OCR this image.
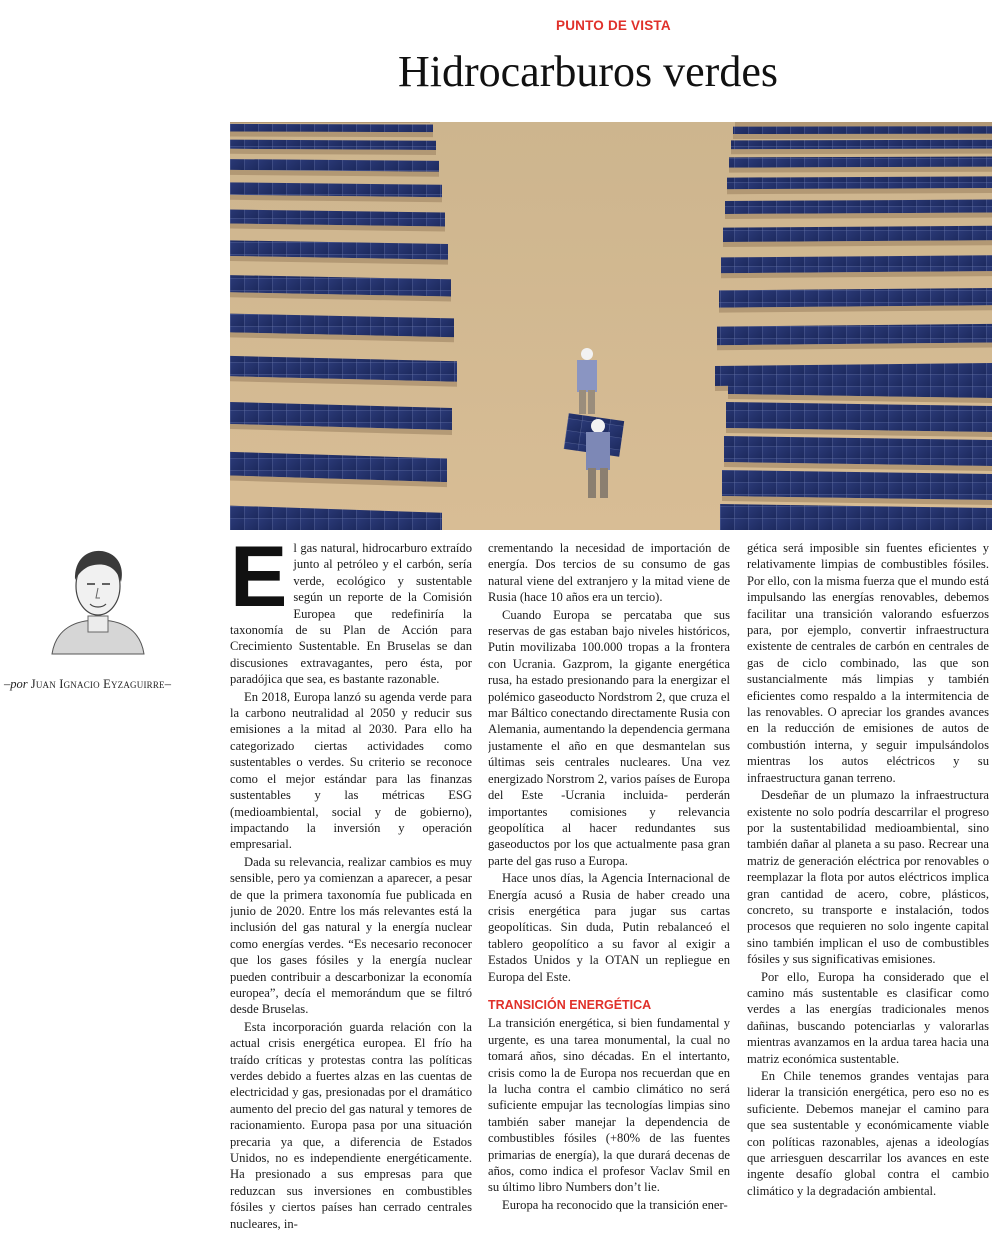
PUNTO DE VISTA
Hidrocarburos verdes
–por Juan Ignacio Eyzaguirre–

El gas natural, hidrocarburo extraído junto al petróleo y el carbón, sería verde, ecológico y sustentable según un reporte de la Comisión Europea que redefiniría la taxonomía de su Plan de Acción para Crecimiento Sustentable. En Bruselas se dan discusiones extravagantes, pero ésta, por paradójica que sea, es bastante razonable.

En 2018, Europa lanzó su agenda verde para la carbono neutralidad al 2050 y reducir sus emisiones a la mitad al 2030. Para ello ha categorizado ciertas actividades como sustentables o verdes. Su criterio se reconoce como el mejor estándar para las finanzas sustentables y las métricas ESG (medioambiental, social y de gobierno), impactando la inversión y operación empresarial.

Dada su relevancia, realizar cambios es muy sensible, pero ya comienzan a aparecer, a pesar de que la primera taxonomía fue publicada en junio de 2020. Entre los más relevantes está la inclusión del gas natural y la energía nuclear como energías verdes. “Es necesario reconocer que los gases fósiles y la energía nuclear pueden contribuir a descarbonizar la economía europea”, decía el memorándum que se filtró desde Bruselas.

Esta incorporación guarda relación con la actual crisis energética europea. El frío ha traído críticas y protestas contra las políticas verdes debido a fuertes alzas en las cuentas de electricidad y gas, presionadas por el dramático aumento del precio del gas natural y temores de racionamiento. Europa pasa por una situación precaria ya que, a diferencia de Estados Unidos, no es independiente energéticamente. Ha presionado a sus empresas para que reduzcan sus inversiones en combustibles fósiles y ciertos países han cerrado centrales nucleares, in-

crementando la necesidad de importación de energía. Dos tercios de su consumo de gas natural viene del extranjero y la mitad viene de Rusia (hace 10 años era un tercio).

Cuando Europa se percataba que sus reservas de gas estaban bajo niveles históricos, Putin movilizaba 100.000 tropas a la frontera con Ucrania. Gazprom, la gigante energética rusa, ha estado presionando para la energizar el polémico gaseoducto Nordstrom 2, que cruza el mar Báltico conectando directamente Rusia con Alemania, aumentando la dependencia germana justamente el año en que desmantelan sus últimas seis centrales nucleares. Una vez energizado Norstrom 2, varios países de Europa del Este -Ucrania incluida- perderán importantes comisiones y relevancia geopolítica al hacer redundantes sus gaseoductos por los que actualmente pasa gran parte del gas ruso a Europa.

Hace unos días, la Agencia Internacional de Energía acusó a Rusia de haber creado una crisis energética para jugar sus cartas geopolíticas. Sin duda, Putin rebalanceó el tablero geopolítico a su favor al exigir a Estados Unidos y la OTAN un repliegue en Europa del Este.

TRANSICIÓN ENERGÉTICA

La transición energética, si bien fundamental y urgente, es una tarea monumental, la cual no tomará años, sino décadas. En el intertanto, crisis como la de Europa nos recuerdan que en la lucha contra el cambio climático no será suficiente empujar las tecnologías limpias sino también saber manejar la dependencia de combustibles fósiles (+80% de las fuentes primarias de energía), la que durará decenas de años, como indica el profesor Vaclav Smil en su último libro Numbers don’t lie.

Europa ha reconocido que la transición ener-

gética será imposible sin fuentes eficientes y relativamente limpias de combustibles fósiles. Por ello, con la misma fuerza que el mundo está impulsando las energías renovables, debemos facilitar una transición valorando esfuerzos para, por ejemplo, convertir infraestructura existente de centrales de carbón en centrales de gas de ciclo combinado, las que son sustancialmente más limpias y también eficientes como respaldo a la intermitencia de las renovables. O apreciar los grandes avances en la reducción de emisiones de autos de combustión interna, y seguir impulsándolos mientras los autos eléctricos y su infraestructura ganan terreno.

Desdeñar de un plumazo la infraestructura existente no solo podría descarrilar el progreso por la sustentabilidad medioambiental, sino también dañar al planeta a su paso. Recrear una matriz de generación eléctrica por renovables o reemplazar la flota por autos eléctricos implica gran cantidad de acero, cobre, plásticos, concreto, su transporte e instalación, todos procesos que requieren no solo ingente capital sino también implican el uso de combustibles fósiles y sus significativas emisiones.

Por ello, Europa ha considerado que el camino más sustentable es clasificar como verdes a las energías tradicionales menos dañinas, buscando potenciarlas y valorarlas mientras avanzamos en la ardua tarea hacia una matriz económica sustentable.

En Chile tenemos grandes ventajas para liderar la transición energética, pero eso no es suficiente. Debemos manejar el camino para que sea sustentable y económicamente viable con políticas razonables, ajenas a ideologías que arriesguen descarrilar los avances en este ingente desafío global contra el cambio climático y la degradación ambiental.
